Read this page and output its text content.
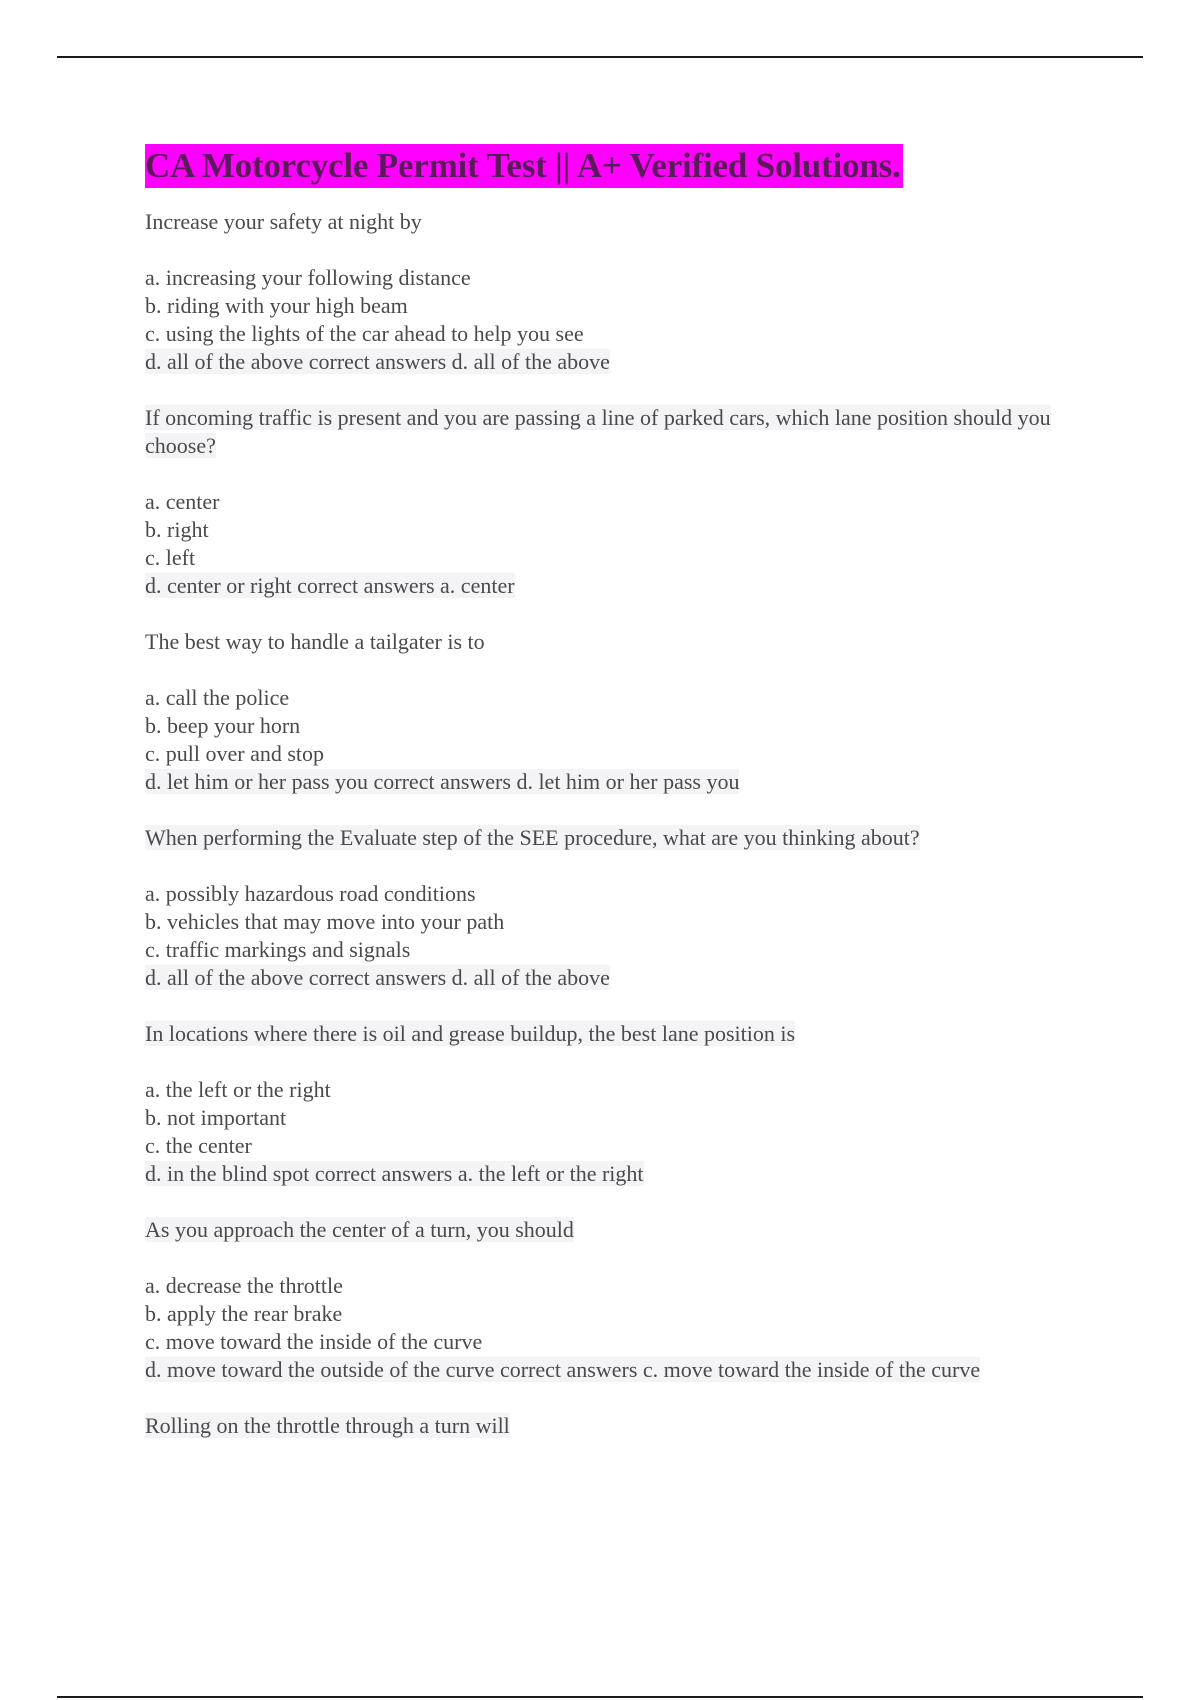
CA Motorcycle Permit Test || A+ Verified Solutions.
Increase your safety at night by
a. increasing your following distance
b. riding with your high beam
c. using the lights of the car ahead to help you see
d. all of the above correct answers d. all of the above
If oncoming traffic is present and you are passing a line of parked cars, which lane position should you choose?
a. center
b. right
c. left
d. center or right correct answers a. center
The best way to handle a tailgater is to
a. call the police
b. beep your horn
c. pull over and stop
d. let him or her pass you correct answers d. let him or her pass you
When performing the Evaluate step of the SEE procedure, what are you thinking about?
a. possibly hazardous road conditions
b. vehicles that may move into your path
c. traffic markings and signals
d. all of the above correct answers d. all of the above
In locations where there is oil and grease buildup, the best lane position is
a. the left or the right
b. not important
c. the center
d. in the blind spot correct answers a. the left or the right
As you approach the center of a turn, you should
a. decrease the throttle
b. apply the rear brake
c. move toward the inside of the curve
d. move toward the outside of the curve correct answers c. move toward the inside of the curve
Rolling on the throttle through a turn will
